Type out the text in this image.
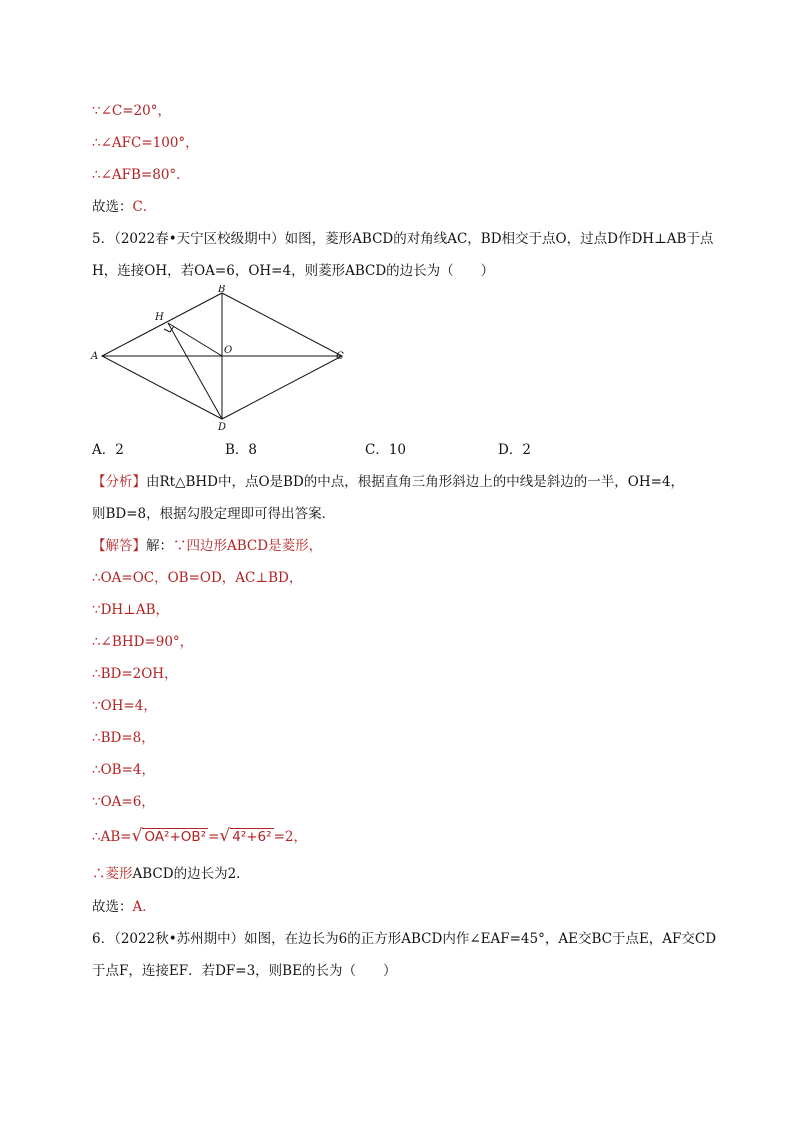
∵∠C=20°，
∴∠AFC=100°，
∴∠AFB=80°．
故选：C．
5．（2022春•天宁区校级期中）如图，菱形ABCD的对角线AC，BD相交于点O，过点D作DH⊥AB于点
H，连接OH，若OA=6，OH=4，则菱形ABCD的边长为（　　）
A
B
C
D
H
O
A．2	B．8	C．10	D．2
【分析】由Rt△BHD中，点O是BD的中点，根据直角三角形斜边上的中线是斜边的一半，OH=4，
则BD=8，根据勾股定理即可得出答案．
【解答】解：∵四边形ABCD是菱形，
∴OA=OC，OB=OD，AC⊥BD，
∵DH⊥AB，
∴∠BHD=90°，
∴BD=2OH，
∵OH=4，
∴BD=8，
∴OB=4，
∵OA=6，
∴AB=√ OA²+OB² =√ 4²+6² =2，
∴菱形ABCD的边长为2．
故选：A．
6．（2022秋•苏州期中）如图，在边长为6的正方形ABCD内作∠EAF=45°，AE交BC于点E，AF交CD
于点F，连接EF．若DF=3，则BE的长为（　　）
